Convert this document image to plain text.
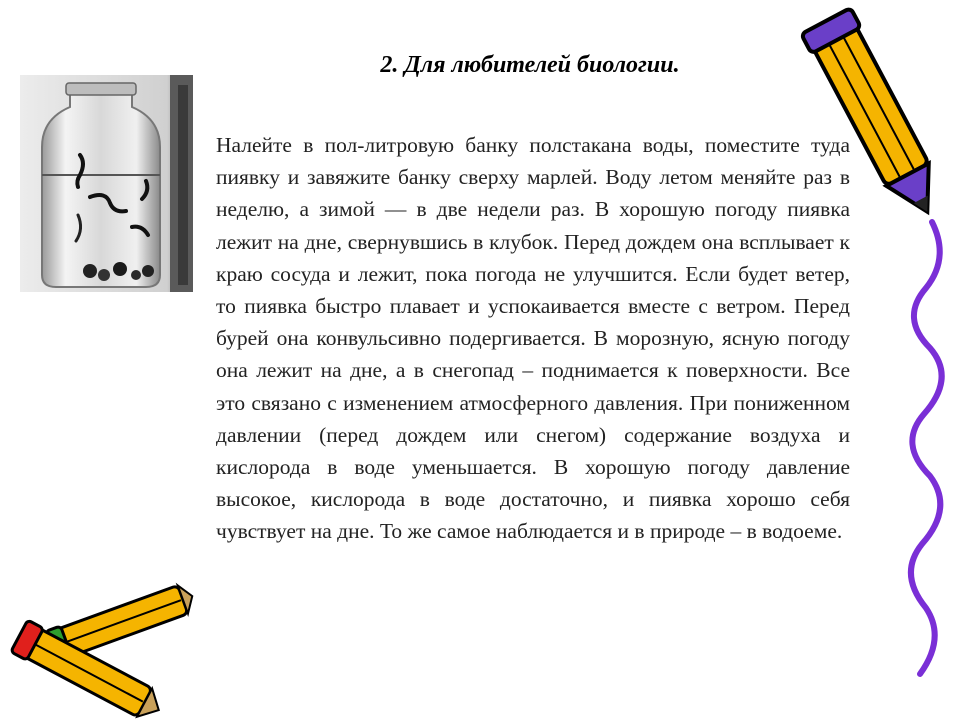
2. Для любителей биологии.

Налейте в пол-литровую банку полстакана воды, поместите туда пиявку и завяжите банку сверху марлей. Воду летом меняйте раз в неделю, а зимой — в две недели раз. В хорошую погоду пиявка лежит на дне, свернувшись в клубок. Перед дождем она всплывает к краю сосуда и лежит, пока погода не улучшится. Если будет ветер, то пиявка быстро плавает и успокаивается вместе с ветром. Перед бурей она конвульсивно подергивается. В морозную, ясную погоду она лежит на дне, а в снегопад – поднимается к поверхности. Все это связано с изменением атмосферного давления. При пониженном давлении (перед дождем или снегом) содержание воздуха и кислорода в воде уменьшается. В хорошую погоду давление высокое, кислорода в воде достаточно, и пиявка хорошо себя чувствует на дне. То же самое наблюдается и в природе – в водоеме.
